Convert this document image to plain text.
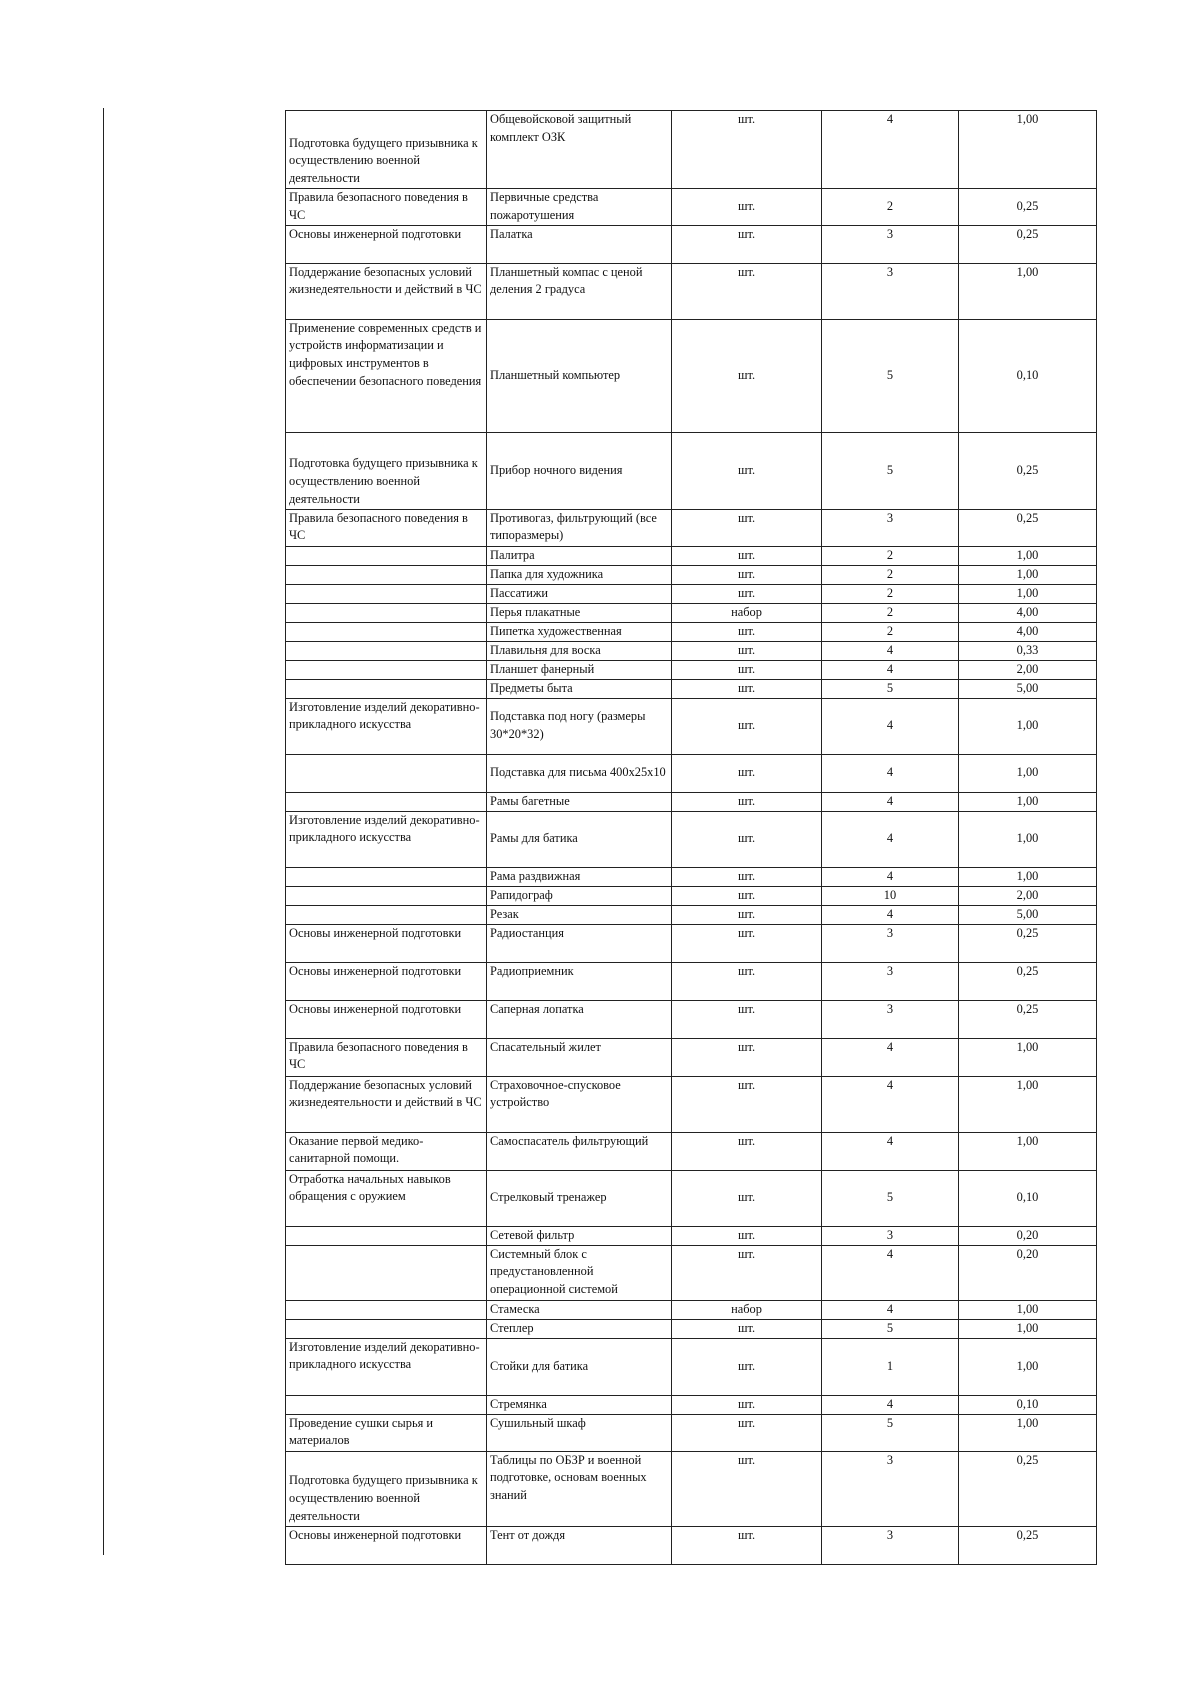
Подготовка будущего призывника к осуществлению военной деятельности	Общевойсковой защитный комплект ОЗК	шт.	4	1,00
Правила безопасного поведения в ЧС	Первичные средства пожаротушения	шт.	2	0,25
Основы инженерной подготовки	Палатка	шт.	3	0,25
Поддержание безопасных условий жизнедеятельности и действий в ЧС	Планшетный компас с ценой деления 2 градуса	шт.	3	1,00
Применение современных средств и устройств информатизации и цифровых инструментов в обеспечении безопасного поведения	Планшетный компьютер	шт.	5	0,10
Подготовка будущего призывника к осуществлению военной деятельности	Прибор ночного видения	шт.	5	0,25
Правила безопасного поведения в ЧС	Противогаз, фильтрующий (все типоразмеры)	шт.	3	0,25
	Палитра	шт.	2	1,00
	Папка для художника	шт.	2	1,00
	Пассатижи	шт.	2	1,00
	Перья плакатные	набор	2	4,00
	Пипетка художественная	шт.	2	4,00
	Плавильня для воска	шт.	4	0,33
	Планшет фанерный	шт.	4	2,00
	Предметы быта	шт.	5	5,00
Изготовление изделий декоративно-прикладного искусства	Подставка под ногу (размеры 30*20*32)	шт.	4	1,00
	Подставка для письма 400х25х10	шт.	4	1,00
	Рамы багетные	шт.	4	1,00
Изготовление изделий декоративно-прикладного искусства	Рамы для батика	шт.	4	1,00
	Рама раздвижная	шт.	4	1,00
	Рапидограф	шт.	10	2,00
	Резак	шт.	4	5,00
Основы инженерной подготовки	Радиостанция	шт.	3	0,25
Основы инженерной подготовки	Радиоприемник	шт.	3	0,25
Основы инженерной подготовки	Саперная лопатка	шт.	3	0,25
Правила безопасного поведения в ЧС	Спасательный жилет	шт.	4	1,00
Поддержание безопасных условий жизнедеятельности и действий в ЧС	Страховочное-спусковое устройство	шт.	4	1,00
Оказание первой медико-санитарной помощи.	Самоспасатель фильтрующий	шт.	4	1,00
Отработка начальных навыков обращения с оружием	Стрелковый тренажер	шт.	5	0,10
	Сетевой фильтр	шт.	3	0,20
	Системный блок с предустановленной операционной системой	шт.	4	0,20
	Стамеска	набор	4	1,00
	Степлер	шт.	5	1,00
Изготовление изделий декоративно-прикладного искусства	Стойки для батика	шт.	1	1,00
	Стремянка	шт.	4	0,10
Проведение сушки сырья и материалов	Сушильный шкаф	шт.	5	1,00
Подготовка будущего призывника к осуществлению военной деятельности	Таблицы по ОБЗР и военной подготовке, основам военных знаний	шт.	3	0,25
Основы инженерной подготовки	Тент от дождя	шт.	3	0,25
